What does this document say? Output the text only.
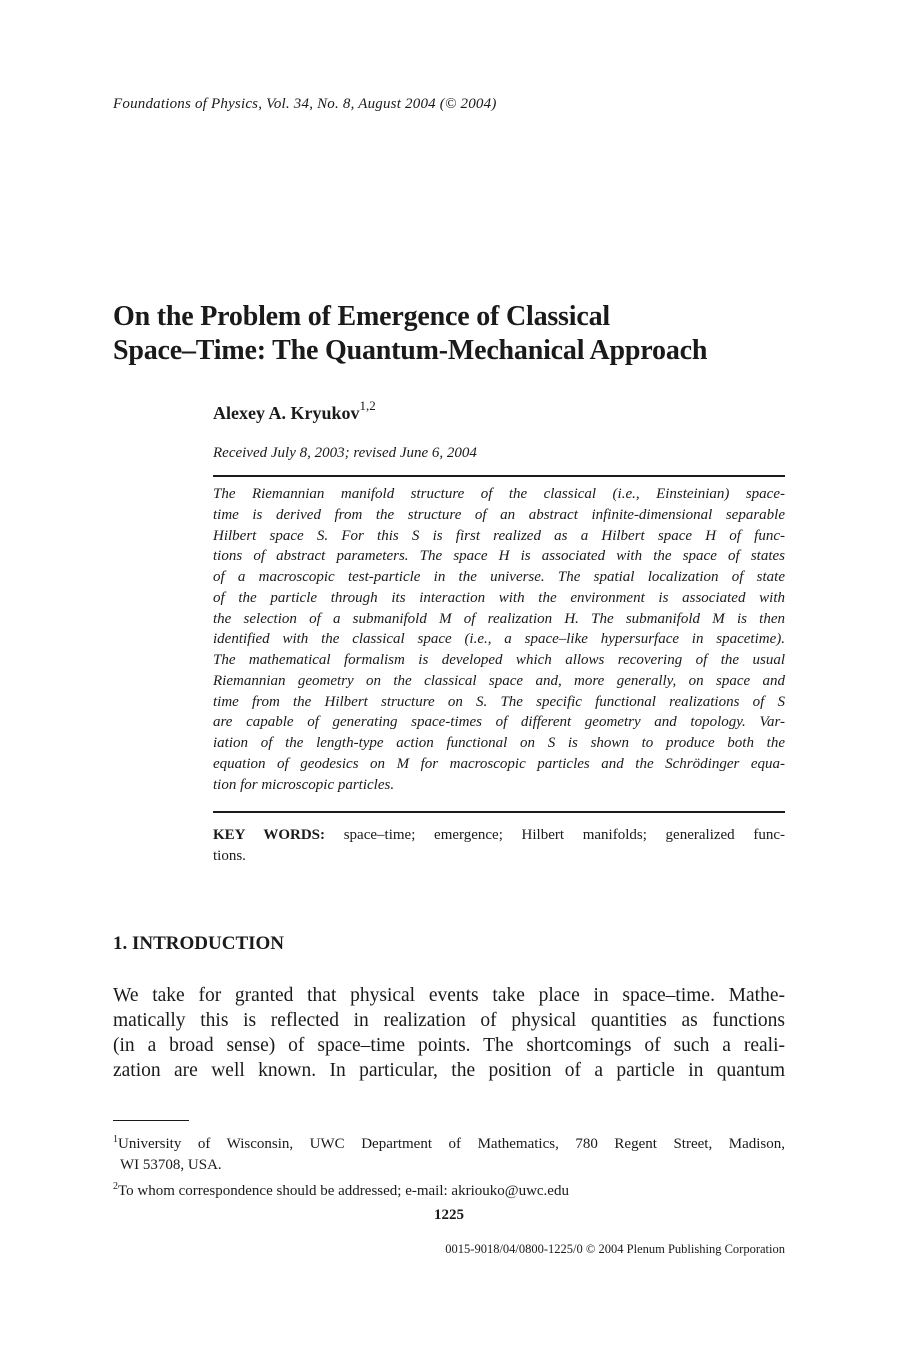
Foundations of Physics, Vol. 34, No. 8, August 2004 (© 2004)
On the Problem of Emergence of Classical
Space–Time: The Quantum-Mechanical Approach
Alexey A. Kryukov$^{1,2}$
Received July 8, 2003; revised June 6, 2004
The Riemannian manifold structure of the classical (i.e., Einsteinian) space-
time is derived from the structure of an abstract infinite-dimensional separable
Hilbert space S. For this S is first realized as a Hilbert space H of func-
tions of abstract parameters. The space H is associated with the space of states
of a macroscopic test-particle in the universe. The spatial localization of state
of the particle through its interaction with the environment is associated with
the selection of a submanifold M of realization H. The submanifold M is then
identified with the classical space (i.e., a space–like hypersurface in spacetime).
The mathematical formalism is developed which allows recovering of the usual
Riemannian geometry on the classical space and, more generally, on space and
time from the Hilbert structure on S. The specific functional realizations of S
are capable of generating space-times of different geometry and topology. Var-
iation of the length-type action functional on S is shown to produce both the
equation of geodesics on M for macroscopic particles and the Schrödinger equa-
tion for microscopic particles.
KEY WORDS: space–time; emergence; Hilbert manifolds; generalized func-
tions.
1. INTRODUCTION
We take for granted that physical events take place in space–time. Mathe-
matically this is reflected in realization of physical quantities as functions
(in a broad sense) of space–time points. The shortcomings of such a reali-
zation are well known. In particular, the position of a particle in quantum
$^1$University of Wisconsin, UWC Department of Mathematics, 780 Regent Street, Madison,
WI 53708, USA.
$^2$To whom correspondence should be addressed; e-mail: akriouko@uwc.edu
1225
0015-9018/04/0800-1225/0 © 2004 Plenum Publishing Corporation
